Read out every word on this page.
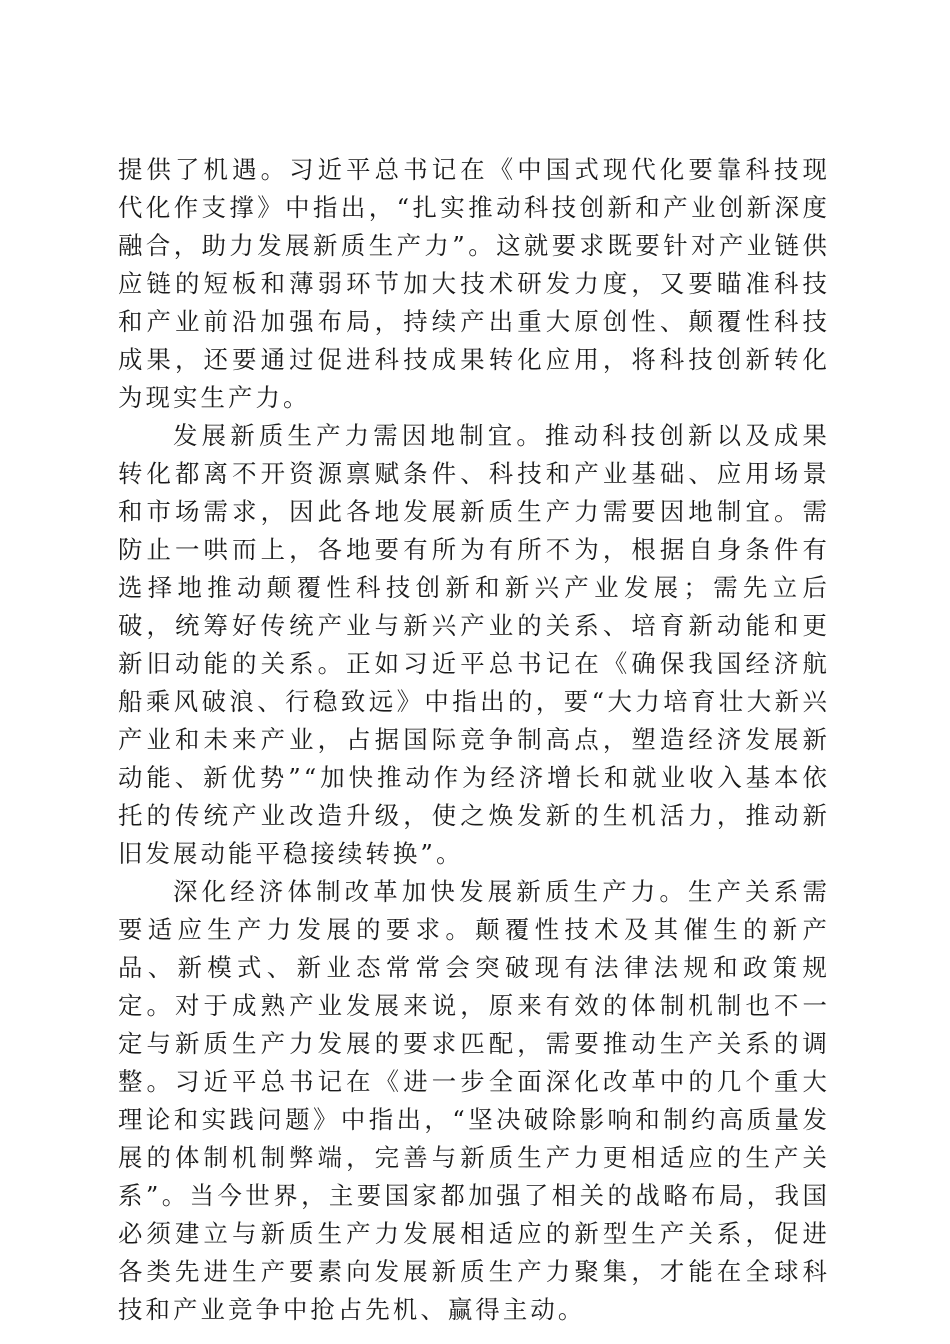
提供了机遇。习近平总书记在《中国式现代化要靠科技现代化作支撑》中指出，“扎实推动科技创新和产业创新深度融合，助力发展新质生产力”。这就要求既要针对产业链供应链的短板和薄弱环节加大技术研发力度，又要瞄准科技和产业前沿加强布局，持续产出重大原创性、颠覆性科技成果，还要通过促进科技成果转化应用，将科技创新转化为现实生产力。

发展新质生产力需因地制宜。推动科技创新以及成果转化都离不开资源禀赋条件、科技和产业基础、应用场景和市场需求，因此各地发展新质生产力需要因地制宜。需防止一哄而上，各地要有所为有所不为，根据自身条件有选择地推动颠覆性科技创新和新兴产业发展；需先立后破，统筹好传统产业与新兴产业的关系、培育新动能和更新旧动能的关系。正如习近平总书记在《确保我国经济航船乘风破浪、行稳致远》中指出的，要“大力培育壮大新兴产业和未来产业，占据国际竞争制高点，塑造经济发展新动能、新优势”“加快推动作为经济增长和就业收入基本依托的传统产业改造升级，使之焕发新的生机活力，推动新旧发展动能平稳接续转换”。

深化经济体制改革加快发展新质生产力。生产关系需要适应生产力发展的要求。颠覆性技术及其催生的新产品、新模式、新业态常常会突破现有法律法规和政策规定。对于成熟产业发展来说，原来有效的体制机制也不一定与新质生产力发展的要求匹配，需要推动生产关系的调整。习近平总书记在《进一步全面深化改革中的几个重大理论和实践问题》中指出，“坚决破除影响和制约高质量发展的体制机制弊端，完善与新质生产力更相适应的生产关系”。当今世界，主要国家都加强了相关的战略布局，我国必须建立与新质生产力发展相适应的新型生产关系，促进各类先进生产要素向发展新质生产力聚集，才能在全球科技和产业竞争中抢占先机、赢得主动。
